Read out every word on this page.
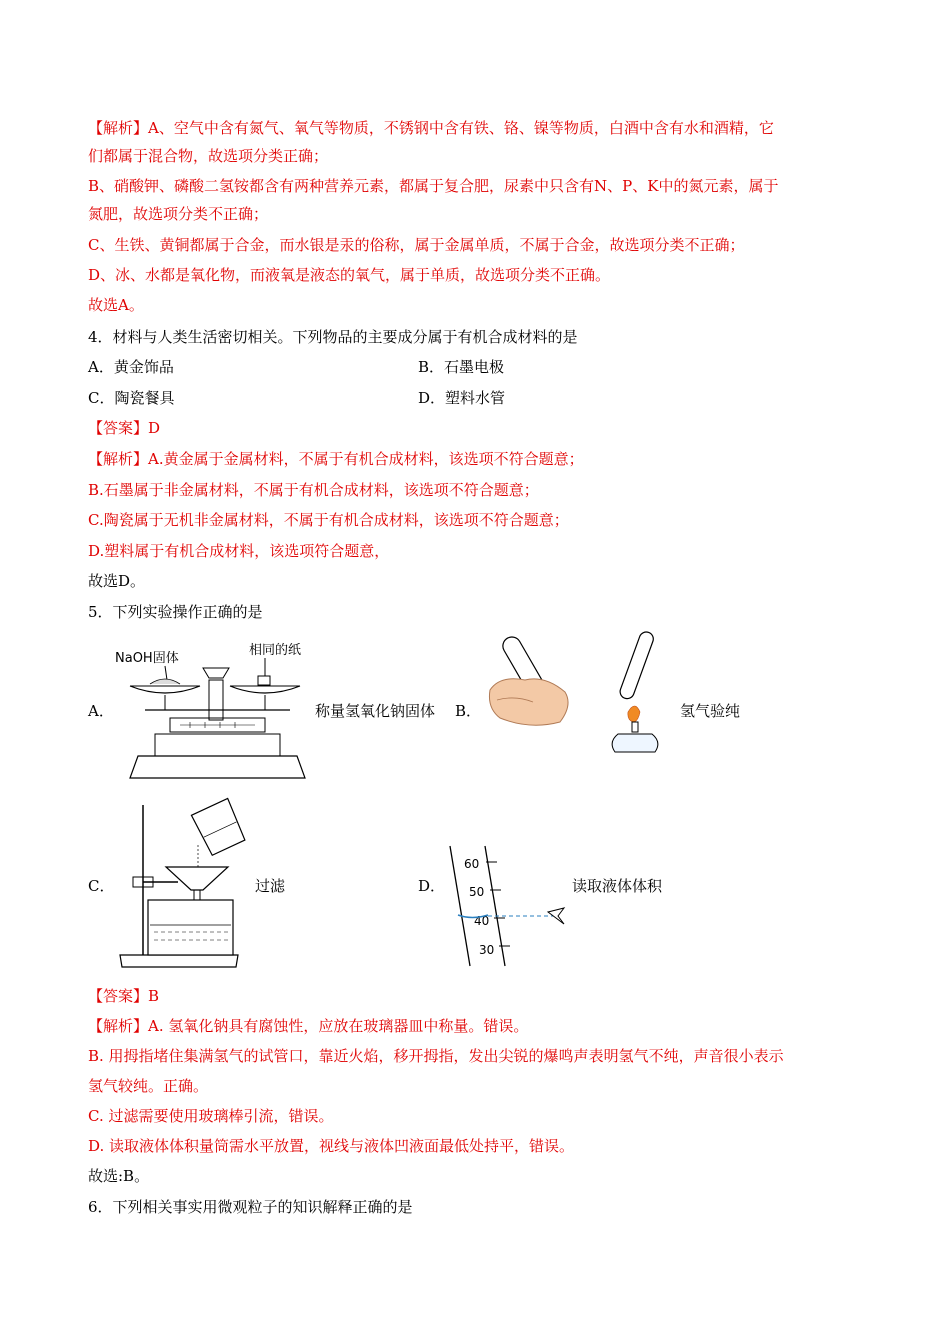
【解析】A、空气中含有氮气、氧气等物质，不锈钢中含有铁、铬、镍等物质，白酒中含有水和酒精，它
们都属于混合物，故选项分类正确；
B、硝酸钾、磷酸二氢铵都含有两种营养元素，都属于复合肥，尿素中只含有N、P、K中的氮元素，属于
氮肥，故选项分类不正确；
C、生铁、黄铜都属于合金，而水银是汞的俗称，属于金属单质，不属于合金，故选项分类不正确；
D、冰、水都是氧化物，而液氧是液态的氧气，属于单质，故选项分类不正确。
故选A。
4．材料与人类生活密切相关。下列物品的主要成分属于有机合成材料的是
A．黄金饰品	B．石墨电极
C．陶瓷餐具	D．塑料水管
【答案】D
【解析】A.黄金属于金属材料，不属于有机合成材料，该选项不符合题意；
B.石墨属于非金属材料，不属于有机合成材料，该选项不符合题意；
C.陶瓷属于无机非金属材料，不属于有机合成材料，该选项不符合题意；
D.塑料属于有机合成材料，该选项符合题意，
故选D。
5．下列实验操作正确的是
A．
NaOH固体
相同的纸
称量氢氧化钠固体 B．	氢气验纯
C．	过滤	D．
60
50
40
30
读取液体体积
【答案】B
【解析】A. 氢氧化钠具有腐蚀性，应放在玻璃器皿中称量。错误。
B. 用拇指堵住集满氢气的试管口，靠近火焰，移开拇指，发出尖锐的爆鸣声表明氢气不纯，声音很小表示
氢气较纯。正确。
C. 过滤需要使用玻璃棒引流，错误。
D. 读取液体体积量筒需水平放置，视线与液体凹液面最低处持平，错误。
故选:B。
6．下列相关事实用微观粒子的知识解释正确的是
